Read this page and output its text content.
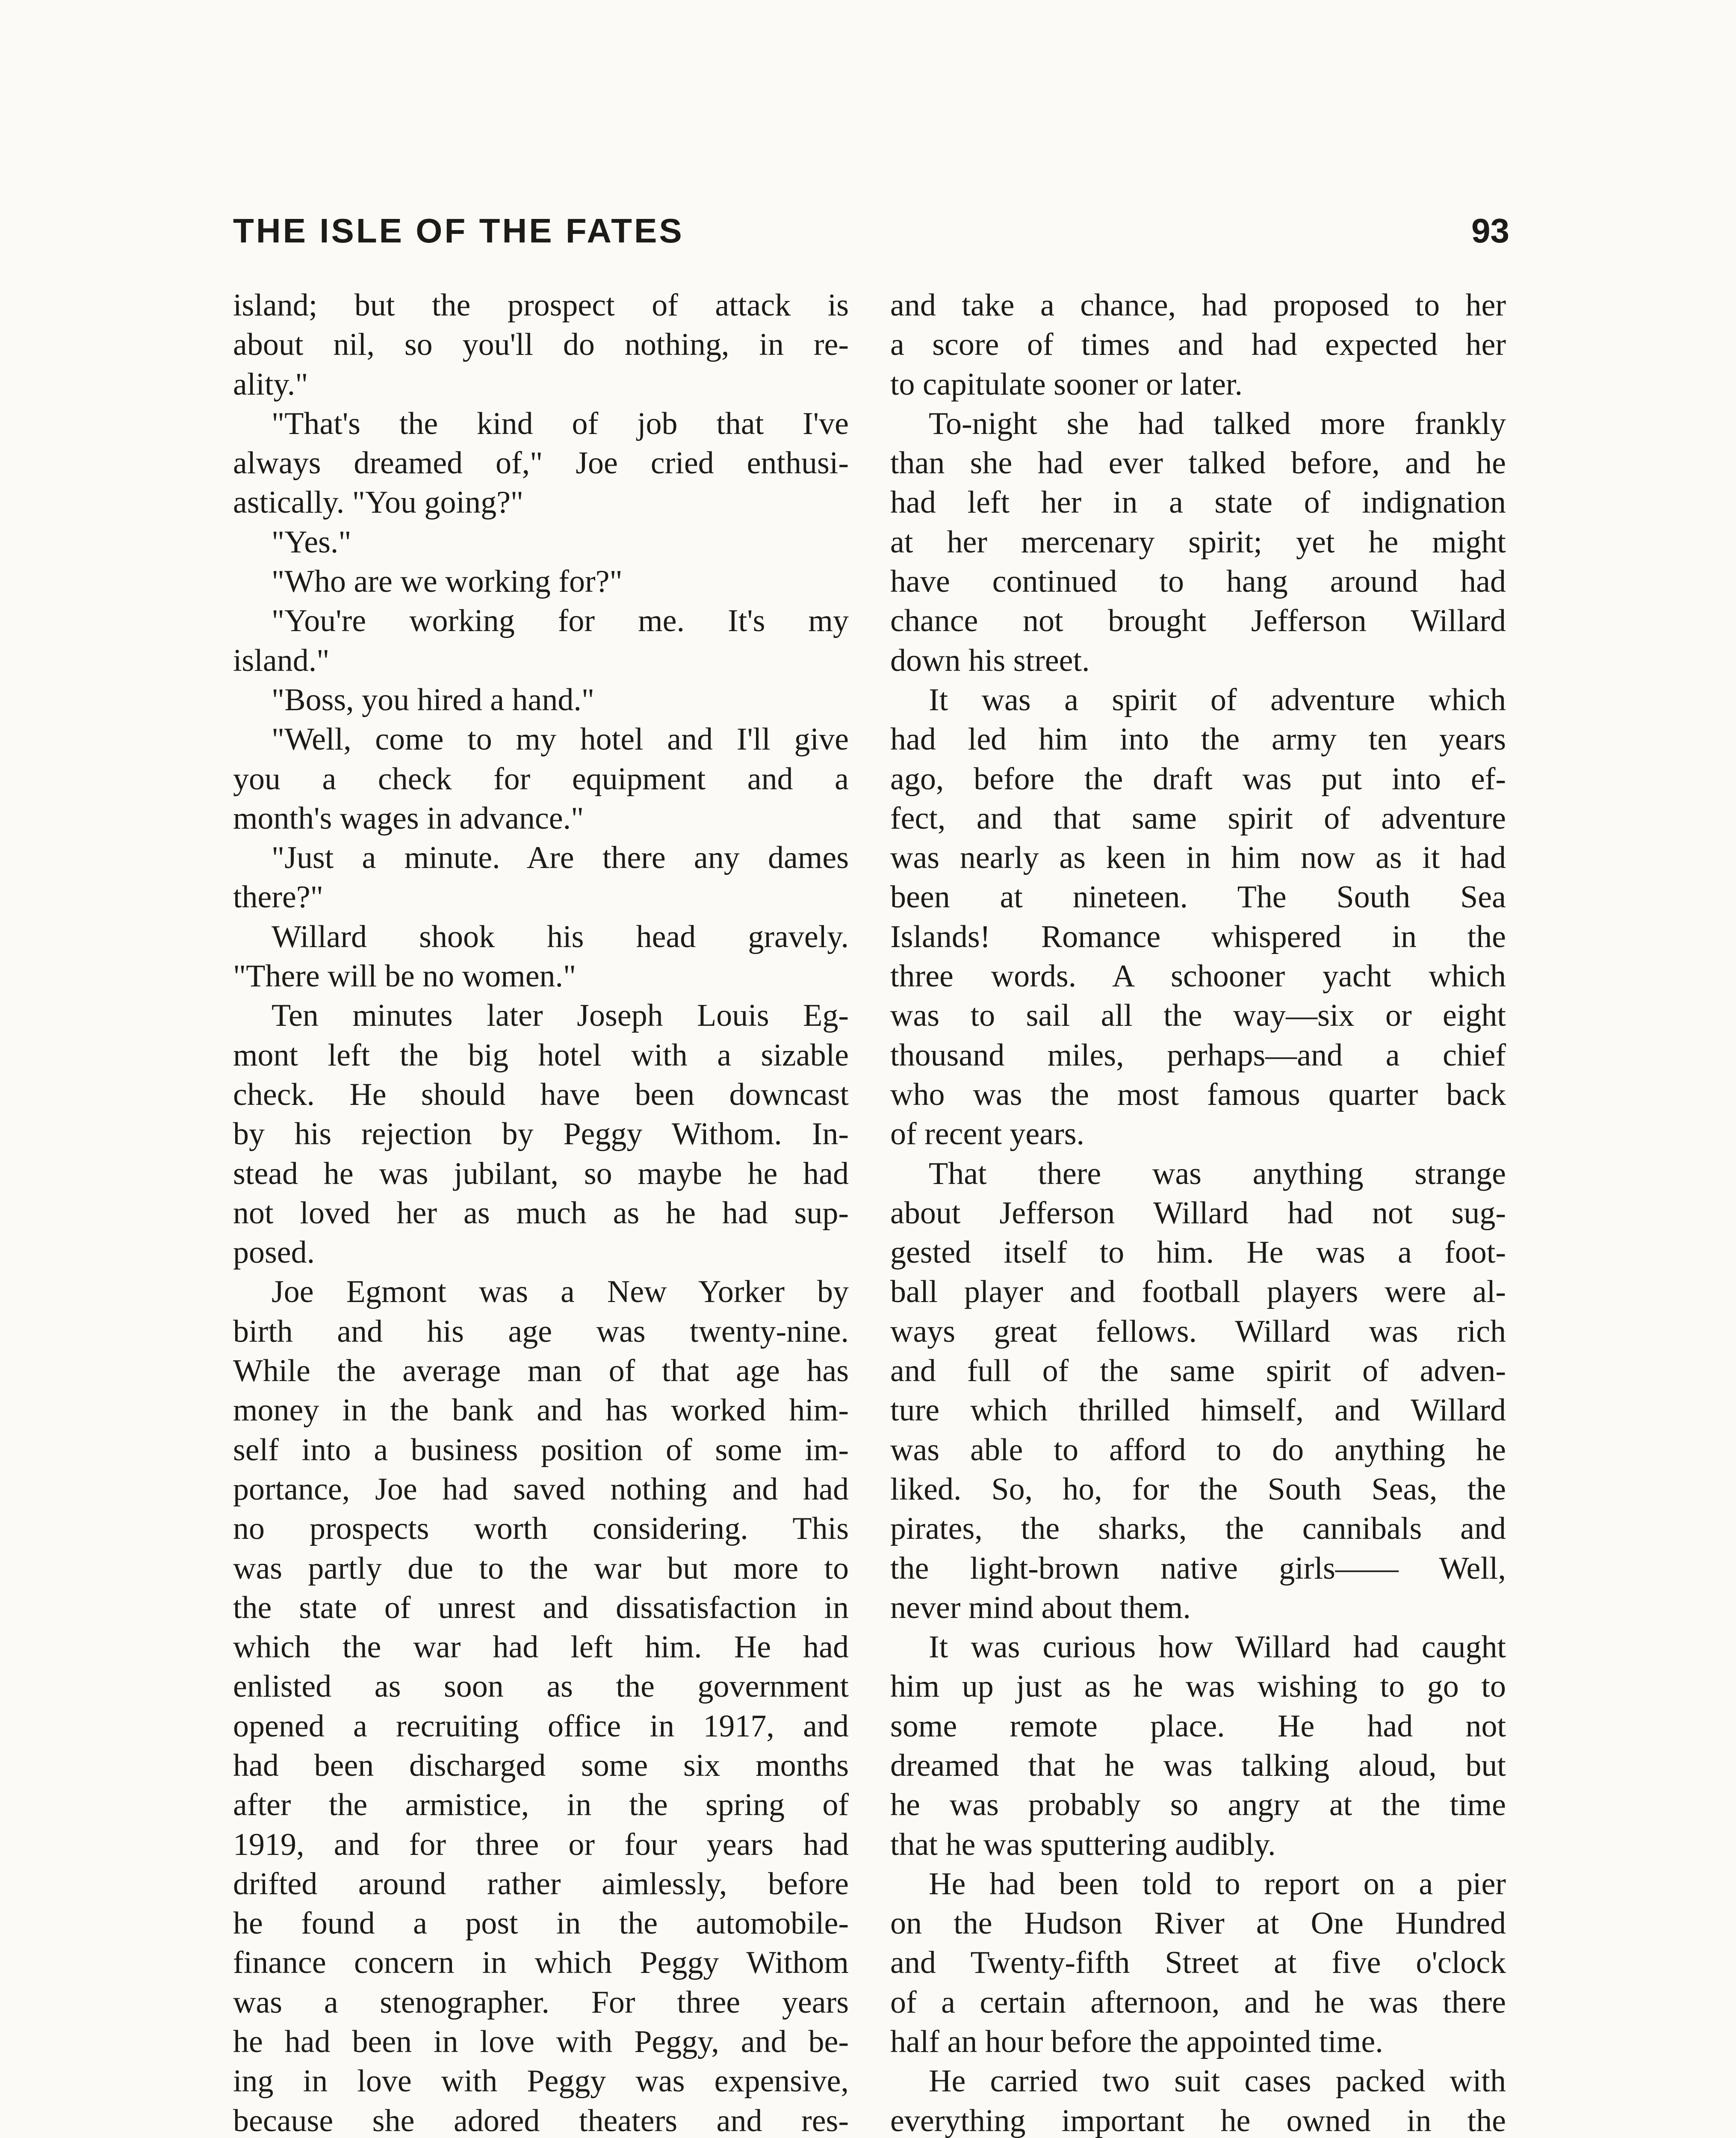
THE ISLE OF THE FATES	93

island; but the prospect of attack is
about nil, so you'll do nothing, in re-
ality."

"That's the kind of job that I've
always dreamed of," Joe cried enthusi-
astically. "You going?"

"Yes."

"Who are we working for?"

"You're working for me. It's my
island."

"Boss, you hired a hand."

"Well, come to my hotel and I'll give
you a check for equipment and a
month's wages in advance."

"Just a minute. Are there any dames
there?"

Willard shook his head gravely.
"There will be no women."

Ten minutes later Joseph Louis Eg-
mont left the big hotel with a sizable
check. He should have been downcast
by his rejection by Peggy Withom. In-
stead he was jubilant, so maybe he had
not loved her as much as he had sup-
posed.

Joe Egmont was a New Yorker by
birth and his age was twenty-nine.
While the average man of that age has
money in the bank and has worked him-
self into a business position of some im-
portance, Joe had saved nothing and had
no prospects worth considering. This
was partly due to the war but more to
the state of unrest and dissatisfaction in
which the war had left him. He had
enlisted as soon as the government
opened a recruiting office in 1917, and
had been discharged some six months
after the armistice, in the spring of
1919, and for three or four years had
drifted around rather aimlessly, before
he found a post in the automobile-
finance concern in which Peggy Withom
was a stenographer. For three years
he had been in love with Peggy, and be-
ing in love with Peggy was expensive,
because she adored theaters and res-

and take a chance, had proposed to her
a score of times and had expected her
to capitulate sooner or later.

To-night she had talked more frankly
than she had ever talked before, and he
had left her in a state of indignation
at her mercenary spirit; yet he might
have continued to hang around had
chance not brought Jefferson Willard
down his street.

It was a spirit of adventure which
had led him into the army ten years
ago, before the draft was put into ef-
fect, and that same spirit of adventure
was nearly as keen in him now as it had
been at nineteen. The South Sea
Islands! Romance whispered in the
three words. A schooner yacht which
was to sail all the way—six or eight
thousand miles, perhaps—and a chief
who was the most famous quarter back
of recent years.

That there was anything strange
about Jefferson Willard had not sug-
gested itself to him. He was a foot-
ball player and football players were al-
ways great fellows. Willard was rich
and full of the same spirit of adven-
ture which thrilled himself, and Willard
was able to afford to do anything he
liked. So, ho, for the South Seas, the
pirates, the sharks, the cannibals and
the light-brown native girls—— Well,
never mind about them.

It was curious how Willard had caught
him up just as he was wishing to go to
some remote place. He had not
dreamed that he was talking aloud, but
he was probably so angry at the time
that he was sputtering audibly.

He had been told to report on a pier
on the Hudson River at One Hundred
and Twenty-fifth Street at five o'clock
of a certain afternoon, and he was there
half an hour before the appointed time.

He carried two suit cases packed with
everything important he owned in the
